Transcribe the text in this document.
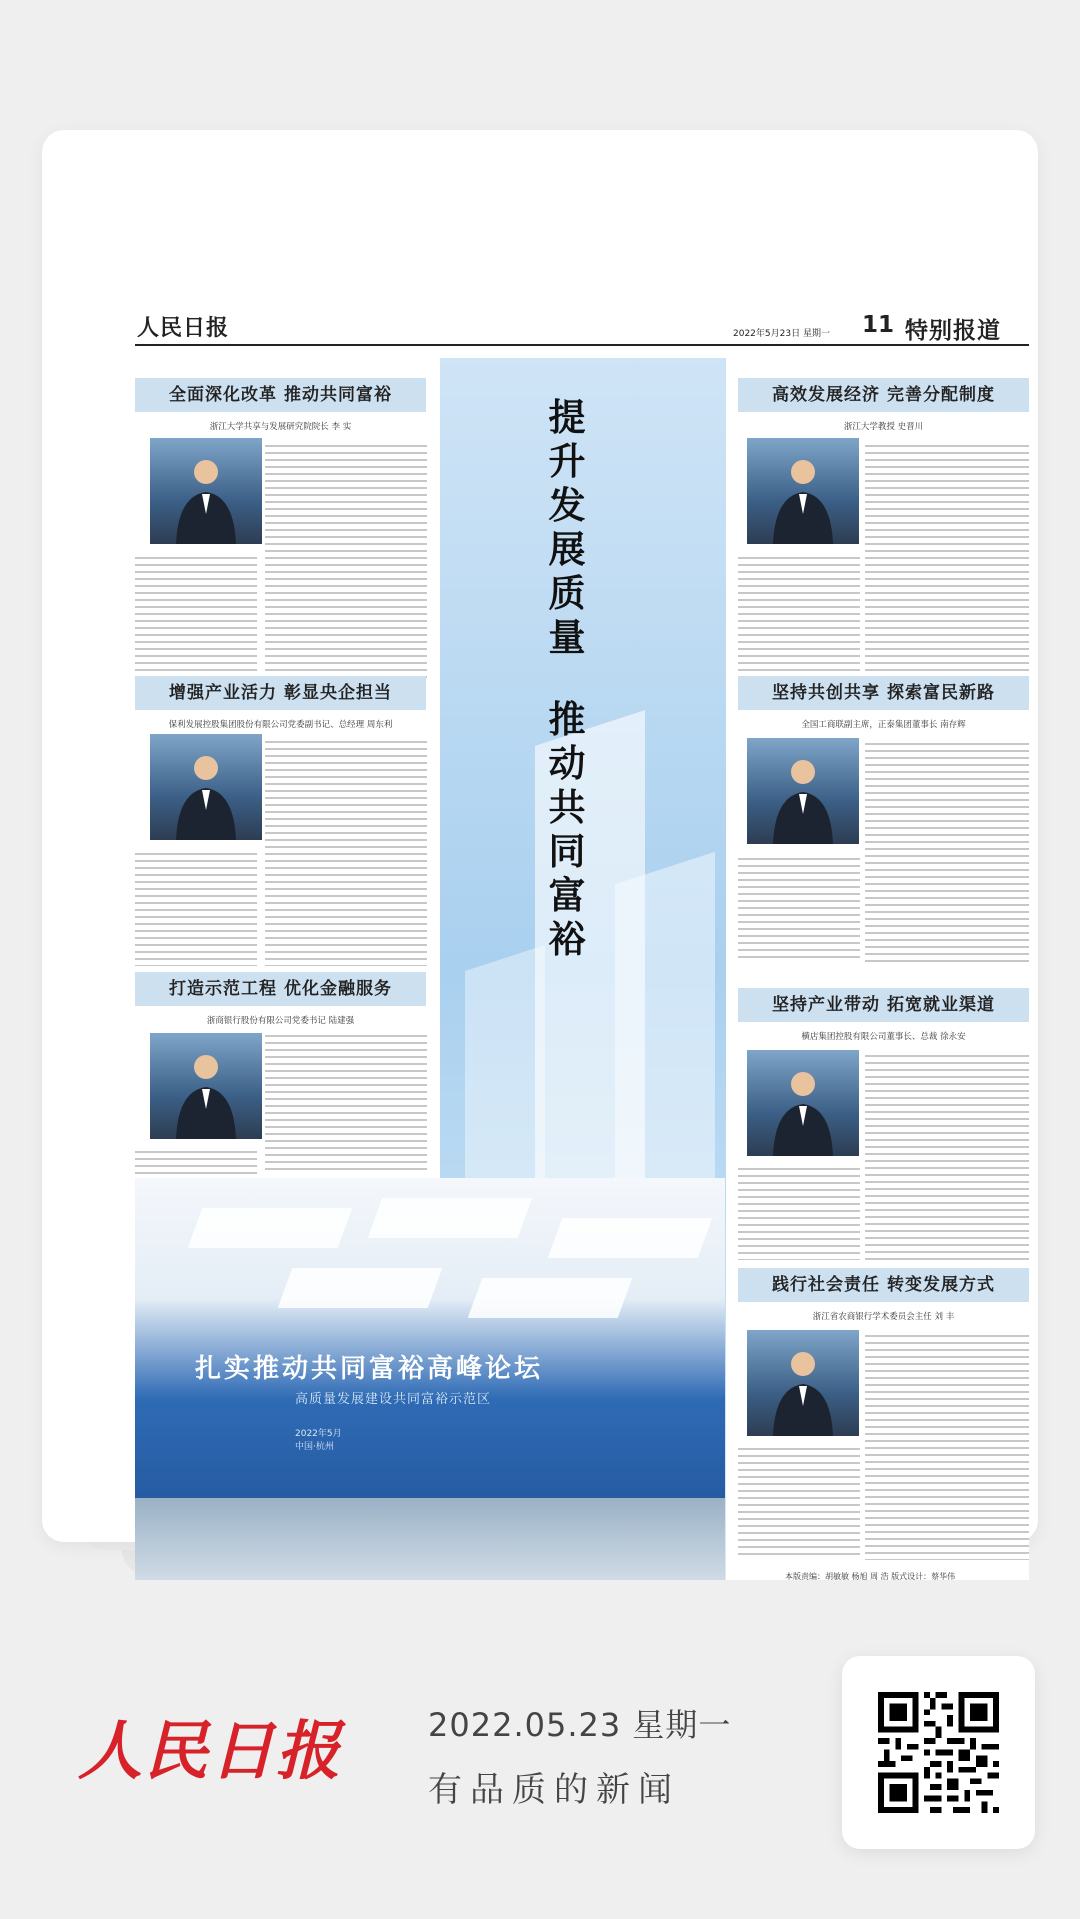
人民日报	2022年5月23日 星期一 11 特别报道
提升发展质量
推动共同富裕
全面深化改革 推动共同富裕
浙江大学共享与发展研究院院长 李 实
增强产业活力 彰显央企担当
保利发展控股集团股份有限公司党委副书记、总经理 周东利
打造示范工程 优化金融服务
浙商银行股份有限公司党委书记 陆建强
扎实推动共同富裕高峰论坛
高质量发展建设共同富裕示范区
2022年5月
中国·杭州
高效发展经济 完善分配制度
浙江大学教授 史晋川
坚持共创共享 探索富民新路
全国工商联副主席，正泰集团董事长 南存辉
坚持产业带动 拓宽就业渠道
横店集团控股有限公司董事长、总裁 徐永安
践行社会责任 转变发展方式
浙江省农商银行学术委员会主任 刘 丰
本版责编：胡敏敏 杨旭 周 浩 版式设计：蔡华伟
人民日报	2022.05.23 星期一
有品质的新闻
